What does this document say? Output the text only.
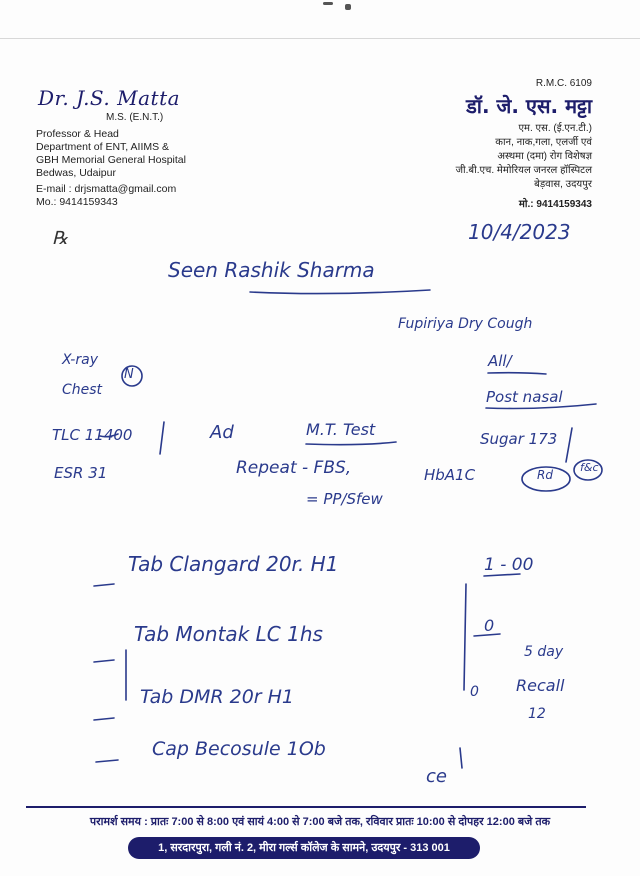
Dr. J.S. Matta
M.S. (E.N.T.)
Professor & Head
Department of ENT, AIIMS &
GBH Memorial General Hospital
Bedwas, Udaipur
E-mail : drjsmatta@gmail.com
Mo.: 9414159343
R.M.C. 6109
डॉ. जे. एस. मट्टा
एम. एस. (ई.एन.टी.)
कान, नाक,गला, एलर्जी एवं
अस्थमा (दमा) रोग विशेषज्ञ
जी.बी.एच. मेमोरियल जनरल हॉस्पिटल
बेड़वास, उदयपुर
मो.: 9414159343
℞	10/4/2023
Seen Rashik Sharma
Fupiriya Dry Cough
All/
Post nasal
X-ray
Chest
N
TLC 11400
ESR 31
Ad	M.T. Test
Repeat - FBS,	HbA1C
= PP/Sfew
Sugar 173
Rd
f&c
Tab Clangard 20r. H1	1 - 00
Tab Montak LC 1hs	0
Tab DMR 20r H1	0
Cap Becosule 1Ob
5 day
Recall
12
ce
परामर्श समय : प्रातः 7:00 से 8:00 एवं सायं 4:00 से 7:00 बजे तक, रविवार प्रातः 10:00 से दोपहर 12:00 बजे तक
1, सरदारपुरा, गली नं. 2, मीरा गर्ल्स कॉलेज के सामने, उदयपुर - 313 001
